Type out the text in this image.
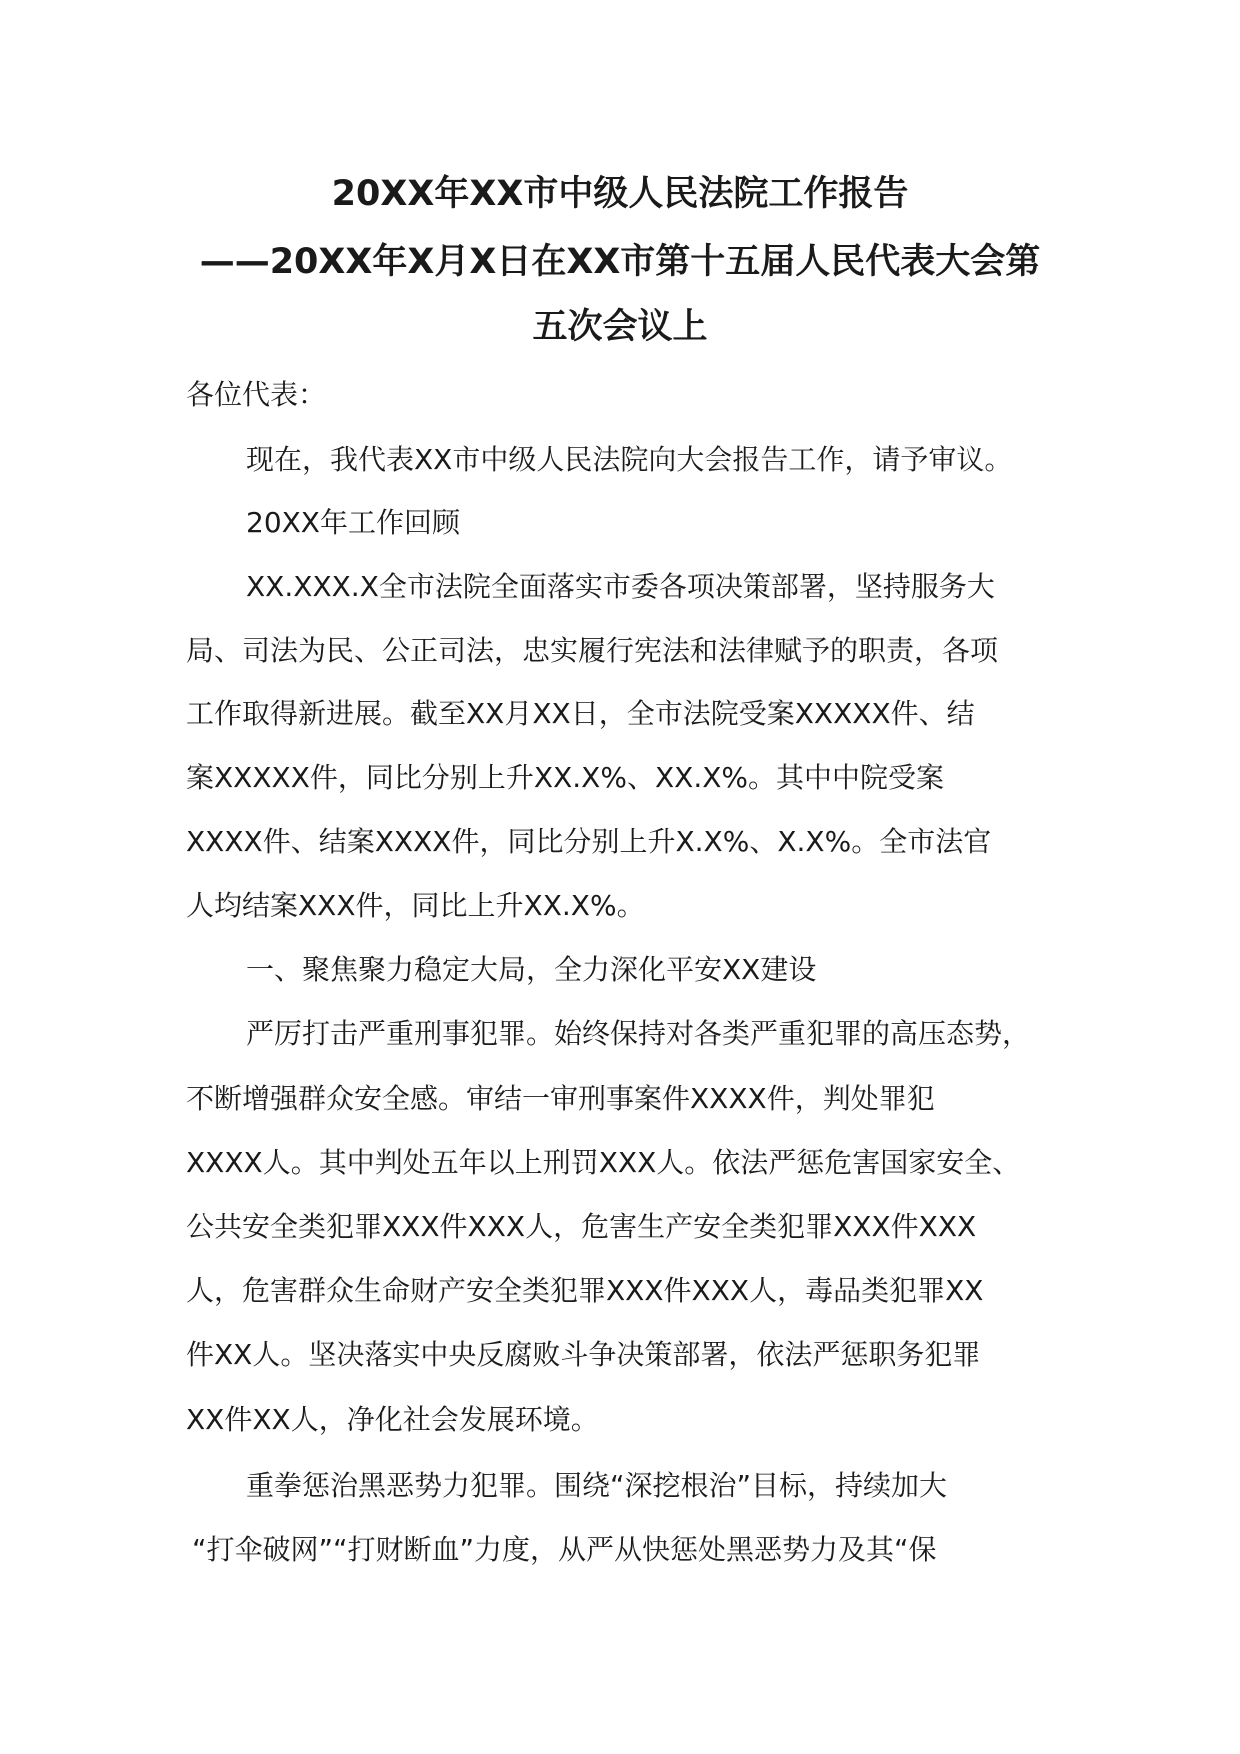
20XX年XX市中级人民法院工作报告
——20XX年X月X日在XX市第十五届人民代表大会第
五次会议上
各位代表：
现在，我代表XX市中级人民法院向大会报告工作，请予审议。
20XX年工作回顾
XX.XXX.X全市法院全面落实市委各项决策部署，坚持服务大
局、司法为民、公正司法，忠实履行宪法和法律赋予的职责，各项
工作取得新进展。截至XX月XX日，全市法院受案XXXXX件、结
案XXXXX件，同比分别上升XX.X%、XX.X%。其中中院受案
XXXX件、结案XXXX件，同比分别上升X.X%、X.X%。全市法官
人均结案XXX件，同比上升XX.X%。
一、聚焦聚力稳定大局，全力深化平安XX建设
严厉打击严重刑事犯罪。始终保持对各类严重犯罪的高压态势，
不断增强群众安全感。审结一审刑事案件XXXX件，判处罪犯
XXXX人。其中判处五年以上刑罚XXX人。依法严惩危害国家安全、
公共安全类犯罪XXX件XXX人，危害生产安全类犯罪XXX件XXX
人，危害群众生命财产安全类犯罪XXX件XXX人，毒品类犯罪XX
件XX人。坚决落实中央反腐败斗争决策部署，依法严惩职务犯罪
XX件XX人，净化社会发展环境。
重拳惩治黑恶势力犯罪。围绕“深挖根治”目标，持续加大
“打伞破网”“打财断血”力度，从严从快惩处黑恶势力及其“保
